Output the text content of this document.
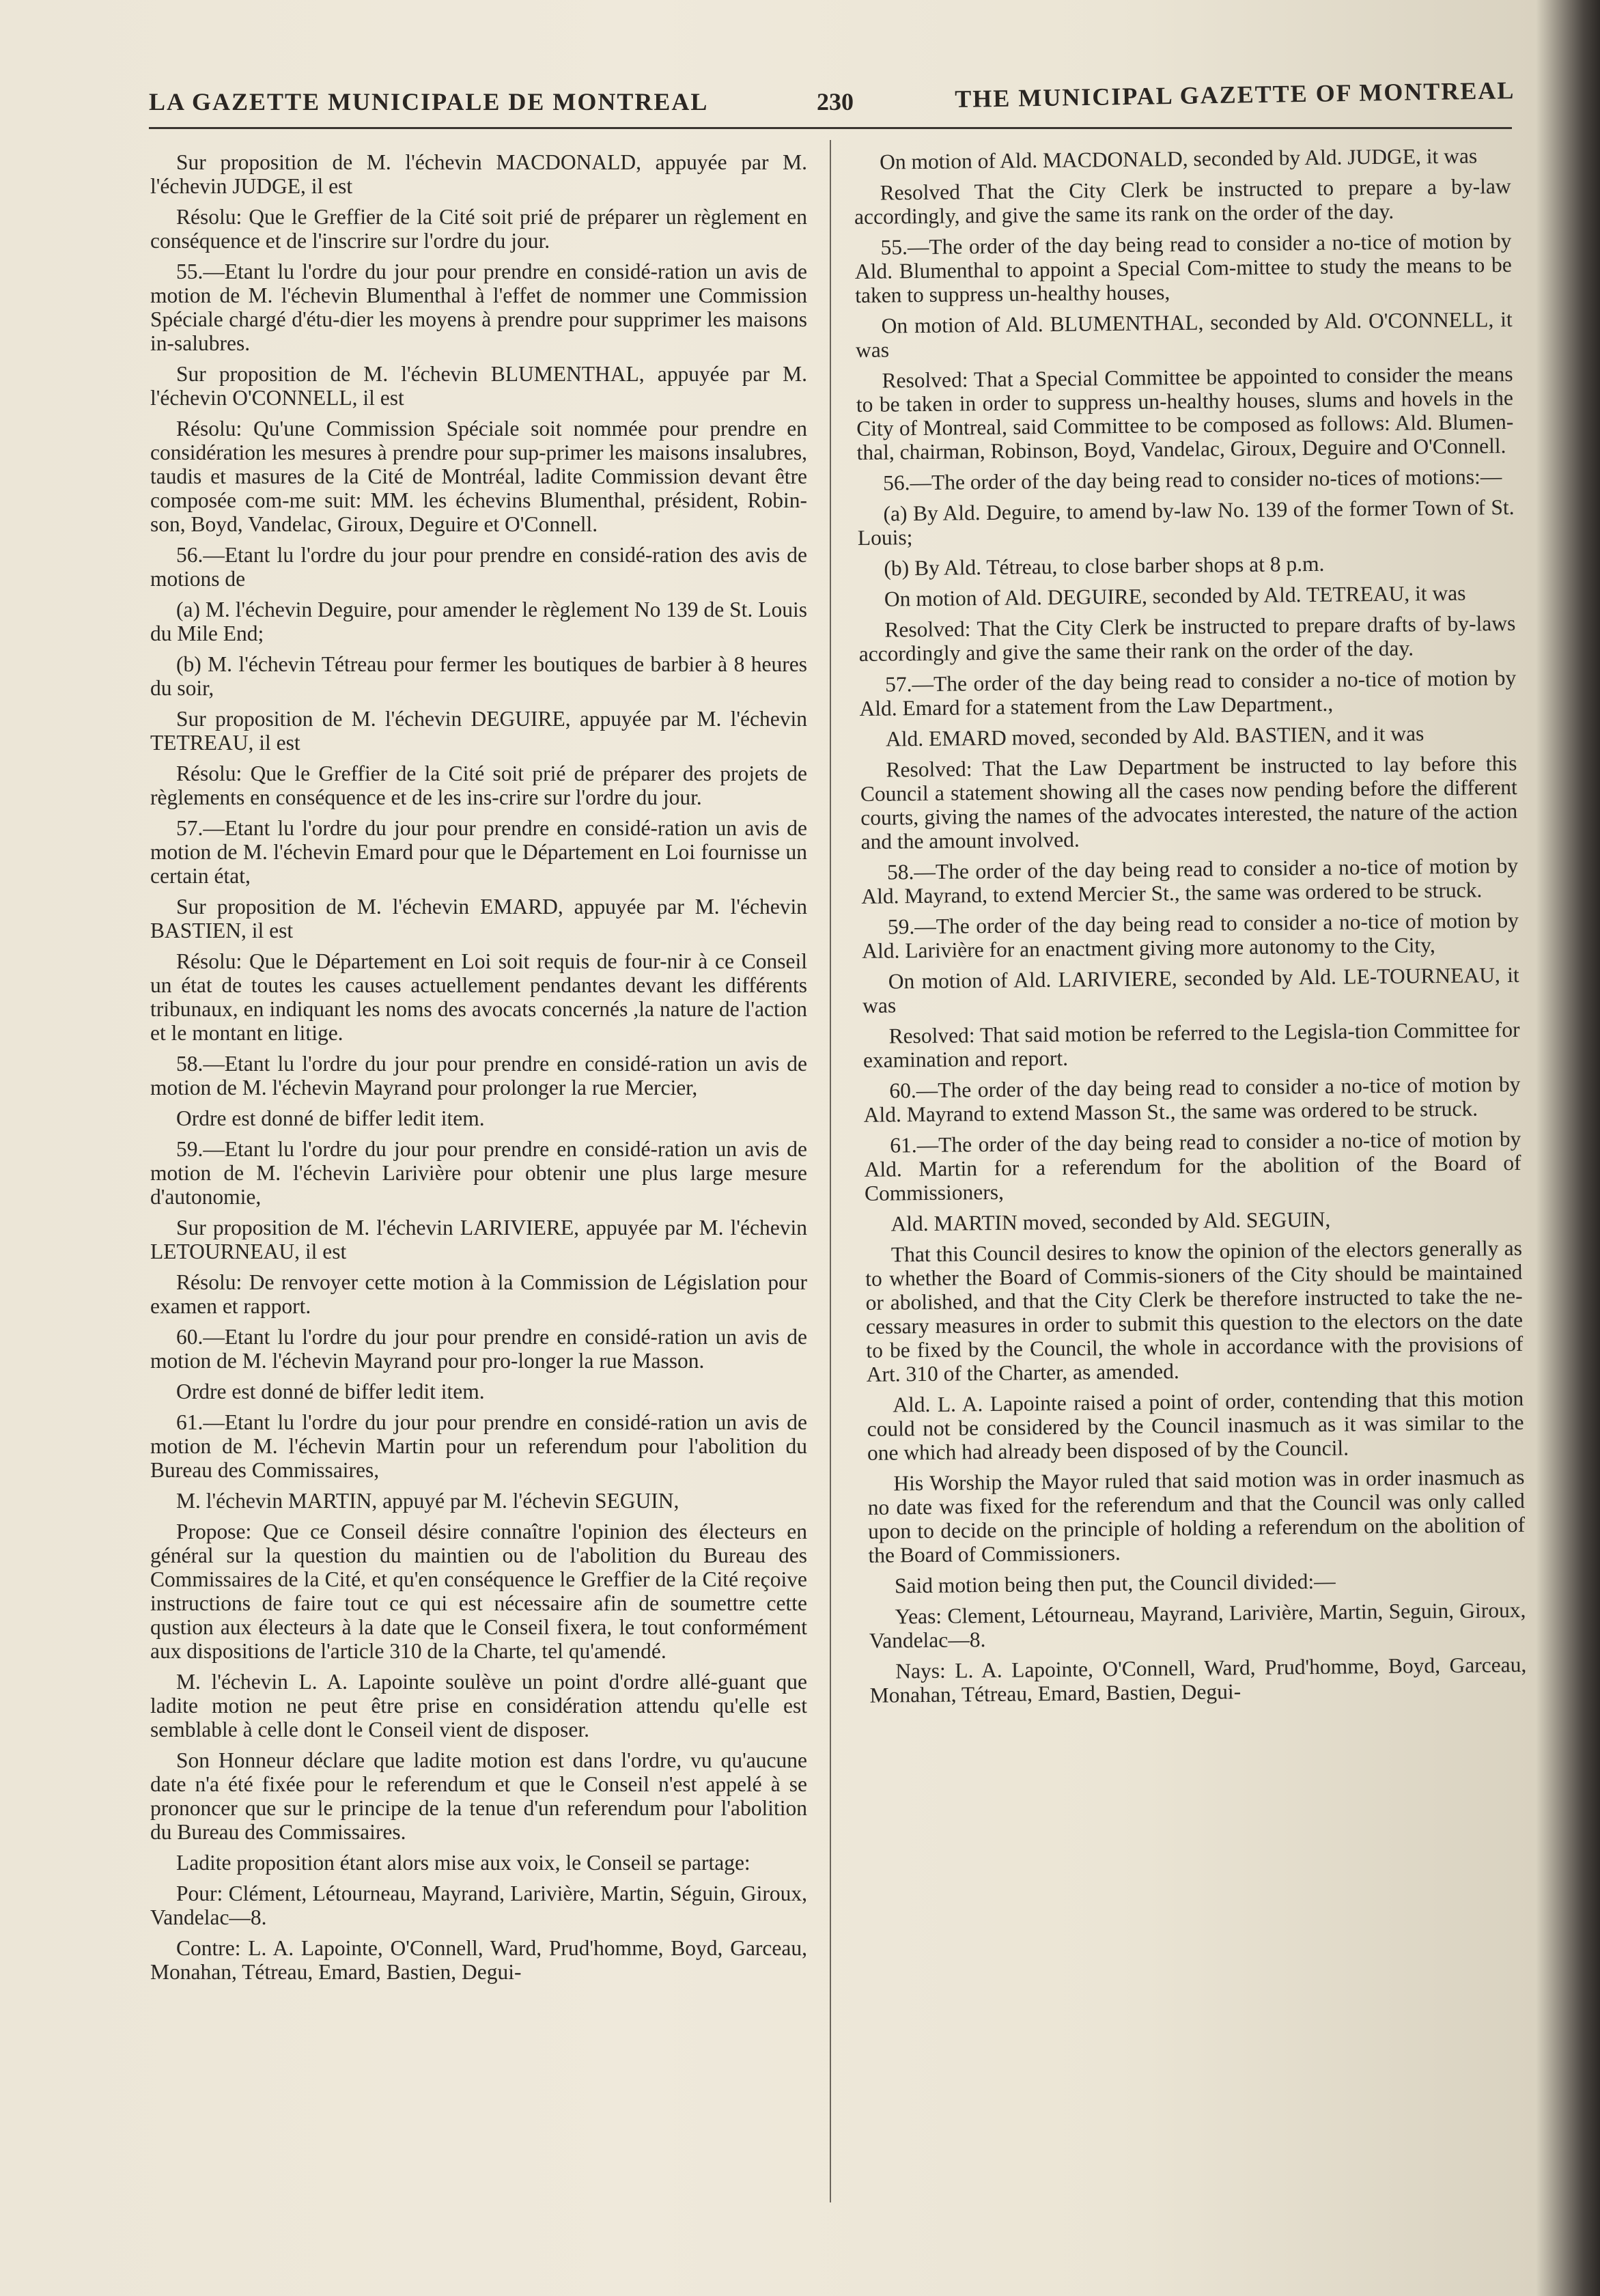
LA GAZETTE MUNICIPALE DE MONTREAL	230	THE MUNICIPAL GAZETTE OF MONTREAL

Sur proposition de M. l'échevin MACDONALD, appuyée par M. l'échevin JUDGE, il est

Résolu: Que le Greffier de la Cité soit prié de préparer un règlement en conséquence et de l'inscrire sur l'ordre du jour.

55.—Etant lu l'ordre du jour pour prendre en considé-ration un avis de motion de M. l'échevin Blumenthal à l'effet de nommer une Commission Spéciale chargé d'étu-dier les moyens à prendre pour supprimer les maisons in-salubres.

Sur proposition de M. l'échevin BLUMENTHAL, appuyée par M. l'échevin O'CONNELL, il est

Résolu: Qu'une Commission Spéciale soit nommée pour prendre en considération les mesures à prendre pour sup-primer les maisons insalubres, taudis et masures de la Cité de Montréal, ladite Commission devant être composée com-me suit: MM. les échevins Blumenthal, président, Robin-son, Boyd, Vandelac, Giroux, Deguire et O'Connell.

56.—Etant lu l'ordre du jour pour prendre en considé-ration des avis de motions de

(a) M. l'échevin Deguire, pour amender le règlement No 139 de St. Louis du Mile End;

(b) M. l'échevin Tétreau pour fermer les boutiques de barbier à 8 heures du soir,

Sur proposition de M. l'échevin DEGUIRE, appuyée par M. l'échevin TETREAU, il est

Résolu: Que le Greffier de la Cité soit prié de préparer des projets de règlements en conséquence et de les ins-crire sur l'ordre du jour.

57.—Etant lu l'ordre du jour pour prendre en considé-ration un avis de motion de M. l'échevin Emard pour que le Département en Loi fournisse un certain état,

Sur proposition de M. l'échevin EMARD, appuyée par M. l'échevin BASTIEN, il est

Résolu: Que le Département en Loi soit requis de four-nir à ce Conseil un état de toutes les causes actuellement pendantes devant les différents tribunaux, en indiquant les noms des avocats concernés ,la nature de l'action et le montant en litige.

58.—Etant lu l'ordre du jour pour prendre en considé-ration un avis de motion de M. l'échevin Mayrand pour prolonger la rue Mercier,

Ordre est donné de biffer ledit item.

59.—Etant lu l'ordre du jour pour prendre en considé-ration un avis de motion de M. l'échevin Larivière pour obtenir une plus large mesure d'autonomie,

Sur proposition de M. l'échevin LARIVIERE, appuyée par M. l'échevin LETOURNEAU, il est

Résolu: De renvoyer cette motion à la Commission de Législation pour examen et rapport.

60.—Etant lu l'ordre du jour pour prendre en considé-ration un avis de motion de M. l'échevin Mayrand pour pro-longer la rue Masson.

Ordre est donné de biffer ledit item.

61.—Etant lu l'ordre du jour pour prendre en considé-ration un avis de motion de M. l'échevin Martin pour un referendum pour l'abolition du Bureau des Commissaires,

M. l'échevin MARTIN, appuyé par M. l'échevin SEGUIN,

Propose: Que ce Conseil désire connaître l'opinion des électeurs en général sur la question du maintien ou de l'abolition du Bureau des Commissaires de la Cité, et qu'en conséquence le Greffier de la Cité reçoive instructions de faire tout ce qui est nécessaire afin de soumettre cette qustion aux électeurs à la date que le Conseil fixera, le tout conformément aux dispositions de l'article 310 de la Charte, tel qu'amendé.

M. l'échevin L. A. Lapointe soulève un point d'ordre allé-guant que ladite motion ne peut être prise en considération attendu qu'elle est semblable à celle dont le Conseil vient de disposer.

Son Honneur déclare que ladite motion est dans l'ordre, vu qu'aucune date n'a été fixée pour le referendum et que le Conseil n'est appelé à se prononcer que sur le principe de la tenue d'un referendum pour l'abolition du Bureau des Commissaires.

Ladite proposition étant alors mise aux voix, le Conseil se partage:

Pour: Clément, Létourneau, Mayrand, Larivière, Martin, Séguin, Giroux, Vandelac—8.

Contre: L. A. Lapointe, O'Connell, Ward, Prud'homme, Boyd, Garceau, Monahan, Tétreau, Emard, Bastien, Degui-

On motion of Ald. MACDONALD, seconded by Ald. JUDGE, it was

Resolved That the City Clerk be instructed to prepare a by-law accordingly, and give the same its rank on the order of the day.

55.—The order of the day being read to consider a no-tice of motion by Ald. Blumenthal to appoint a Special Com-mittee to study the means to be taken to suppress un-healthy houses,

On motion of Ald. BLUMENTHAL, seconded by Ald. O'CONNELL, it was

Resolved: That a Special Committee be appointed to consider the means to be taken in order to suppress un-healthy houses, slums and hovels in the City of Montreal, said Committee to be composed as follows: Ald. Blumen-thal, chairman, Robinson, Boyd, Vandelac, Giroux, Deguire and O'Connell.

56.—The order of the day being read to consider no-tices of motions:—

(a) By Ald. Deguire, to amend by-law No. 139 of the former Town of St. Louis;

(b) By Ald. Tétreau, to close barber shops at 8 p.m.

On motion of Ald. DEGUIRE, seconded by Ald. TETREAU, it was

Resolved: That the City Clerk be instructed to prepare drafts of by-laws accordingly and give the same their rank on the order of the day.

57.—The order of the day being read to consider a no-tice of motion by Ald. Emard for a statement from the Law Department.,

Ald. EMARD moved, seconded by Ald. BASTIEN, and it was

Resolved: That the Law Department be instructed to lay before this Council a statement showing all the cases now pending before the different courts, giving the names of the advocates interested, the nature of the action and the amount involved.

58.—The order of the day being read to consider a no-tice of motion by Ald. Mayrand, to extend Mercier St., the same was ordered to be struck.

59.—The order of the day being read to consider a no-tice of motion by Ald. Larivière for an enactment giving more autonomy to the City,

On motion of Ald. LARIVIERE, seconded by Ald. LE-TOURNEAU, it was

Resolved: That said motion be referred to the Legisla-tion Committee for examination and report.

60.—The order of the day being read to consider a no-tice of motion by Ald. Mayrand to extend Masson St., the same was ordered to be struck.

61.—The order of the day being read to consider a no-tice of motion by Ald. Martin for a referendum for the abolition of the Board of Commissioners,

Ald. MARTIN moved, seconded by Ald. SEGUIN,

That this Council desires to know the opinion of the electors generally as to whether the Board of Commis-sioners of the City should be maintained or abolished, and that the City Clerk be therefore instructed to take the ne-cessary measures in order to submit this question to the electors on the date to be fixed by the Council, the whole in accordance with the provisions of Art. 310 of the Charter, as amended.

Ald. L. A. Lapointe raised a point of order, contending that this motion could not be considered by the Council inasmuch as it was similar to the one which had already been disposed of by the Council.

His Worship the Mayor ruled that said motion was in order inasmuch as no date was fixed for the referendum and that the Council was only called upon to decide on the principle of holding a referendum on the abolition of the Board of Commissioners.

Said motion being then put, the Council divided:—

Yeas: Clement, Létourneau, Mayrand, Larivière, Martin, Seguin, Giroux, Vandelac—8.

Nays: L. A. Lapointe, O'Connell, Ward, Prud'homme, Boyd, Garceau, Monahan, Tétreau, Emard, Bastien, Degui-
